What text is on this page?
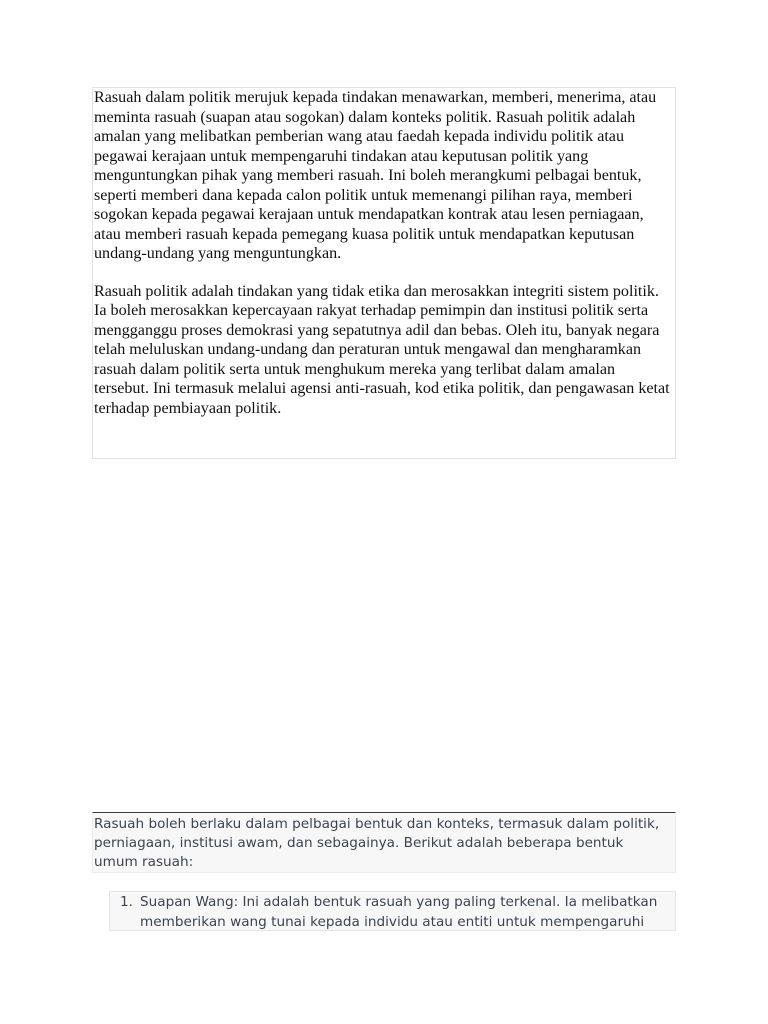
Rasuah dalam politik merujuk kepada tindakan menawarkan, memberi, menerima, atau meminta rasuah (suapan atau sogokan) dalam konteks politik. Rasuah politik adalah amalan yang melibatkan pemberian wang atau faedah kepada individu politik atau pegawai kerajaan untuk mempengaruhi tindakan atau keputusan politik yang menguntungkan pihak yang memberi rasuah. Ini boleh merangkumi pelbagai bentuk, seperti memberi dana kepada calon politik untuk memenangi pilihan raya, memberi sogokan kepada pegawai kerajaan untuk mendapatkan kontrak atau lesen perniagaan, atau memberi rasuah kepada pemegang kuasa politik untuk mendapatkan keputusan undang-undang yang menguntungkan.

Rasuah politik adalah tindakan yang tidak etika dan merosakkan integriti sistem politik. Ia boleh merosakkan kepercayaan rakyat terhadap pemimpin dan institusi politik serta mengganggu proses demokrasi yang sepatutnya adil dan bebas. Oleh itu, banyak negara telah meluluskan undang-undang dan peraturan untuk mengawal dan mengharamkan rasuah dalam politik serta untuk menghukum mereka yang terlibat dalam amalan tersebut. Ini termasuk melalui agensi anti-rasuah, kod etika politik, dan pengawasan ketat terhadap pembiayaan politik.

Rasuah boleh berlaku dalam pelbagai bentuk dan konteks, termasuk dalam politik, perniagaan, institusi awam, dan sebagainya. Berikut adalah beberapa bentuk umum rasuah:

1. Suapan Wang: Ini adalah bentuk rasuah yang paling terkenal. Ia melibatkan memberikan wang tunai kepada individu atau entiti untuk mempengaruhi
